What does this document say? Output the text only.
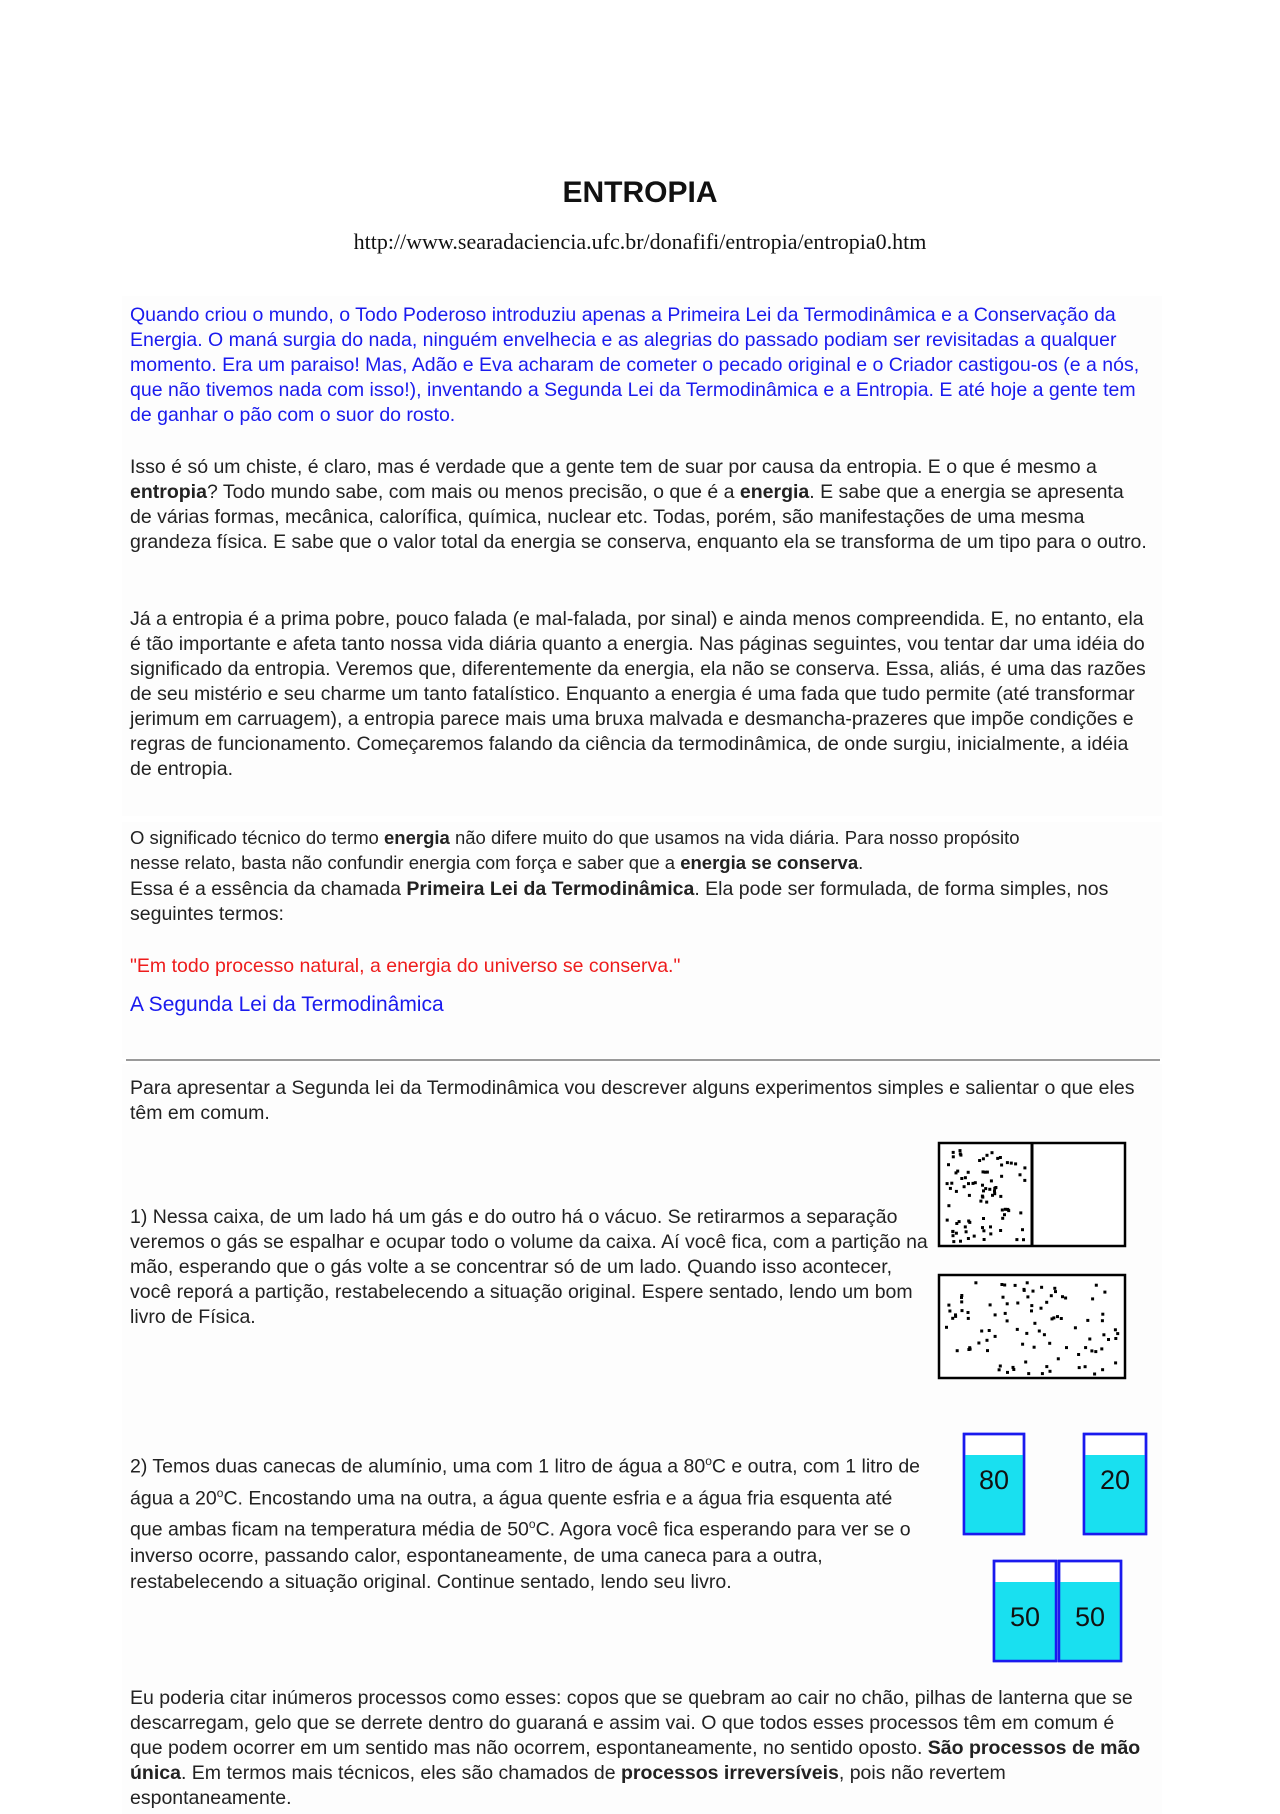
ENTROPIA
http://www.searadaciencia.ufc.br/donafifi/entropia/entropia0.htm
Quando criou o mundo, o Todo Poderoso introduziu apenas a Primeira Lei da Termodinâmica e a Conservação da Energia. O maná surgia do nada, ninguém envelhecia e as alegrias do passado podiam ser revisitadas a qualquer momento. Era um paraiso! Mas, Adão e Eva acharam de cometer o pecado original e o Criador castigou-os (e a nós, que não tivemos nada com isso!), inventando a Segunda Lei da Termodinâmica e a Entropia. E até hoje a gente tem de ganhar o pão com o suor do rosto.
Isso é só um chiste, é claro, mas é verdade que a gente tem de suar por causa da entropia. E o que é mesmo a entropia? Todo mundo sabe, com mais ou menos precisão, o que é a energia. E sabe que a energia se apresenta de várias formas, mecânica, calorífica, química, nuclear etc. Todas, porém, são manifestações de uma mesma grandeza física. E sabe que o valor total da energia se conserva, enquanto ela se transforma de um tipo para o outro.
Já a entropia é a prima pobre, pouco falada (e mal-falada, por sinal) e ainda menos compreendida. E, no entanto, ela é tão importante e afeta tanto nossa vida diária quanto a energia. Nas páginas seguintes, vou tentar dar uma idéia do significado da entropia. Veremos que, diferentemente da energia, ela não se conserva. Essa, aliás, é uma das razões de seu mistério e seu charme um tanto fatalístico. Enquanto a energia é uma fada que tudo permite (até transformar jerimum em carruagem), a entropia parece mais uma bruxa malvada e desmancha-prazeres que impõe condições e regras de funcionamento. Começaremos falando da ciência da termodinâmica, de onde surgiu, inicialmente, a idéia de entropia.
O significado técnico do termo energia não difere muito do que usamos na vida diária. Para nosso propósito nesse relato, basta não confundir energia com força e saber que a energia se conserva.
Essa é a essência da chamada Primeira Lei da Termodinâmica. Ela pode ser formulada, de forma simples, nos seguintes termos:
"Em todo processo natural, a energia do universo se conserva."
A Segunda Lei da Termodinâmica
Para apresentar a Segunda lei da Termodinâmica vou descrever alguns experimentos simples e salientar o que eles têm em comum.
1) Nessa caixa, de um lado há um gás e do outro há o vácuo. Se retirarmos a separação veremos o gás se espalhar e ocupar todo o volume da caixa. Aí você fica, com a partição na mão, esperando que o gás volte a se concentrar só de um lado. Quando isso acontecer, você reporá a partição, restabelecendo a situação original. Espere sentado, lendo um bom livro de Física.
2) Temos duas canecas de alumínio, uma com 1 litro de água a 80$^o$C e outra, com 1 litro de água a 20$^o$C. Encostando uma na outra, a água quente esfria e a água fria esquenta até que ambas ficam na temperatura média de 50$^o$C. Agora você fica esperando para ver se o inverso ocorre, passando calor, espontaneamente, de uma caneca para a outra, restabelecendo a situação original. Continue sentado, lendo seu livro.
80	20
50 50
Eu poderia citar inúmeros processos como esses: copos que se quebram ao cair no chão, pilhas de lanterna que se descarregam, gelo que se derrete dentro do guaraná e assim vai. O que todos esses processos têm em comum é que podem ocorrer em um sentido mas não ocorrem, espontaneamente, no sentido oposto. São processos de mão única. Em termos mais técnicos, eles são chamados de processos irreversíveis, pois não revertem espontaneamente.
